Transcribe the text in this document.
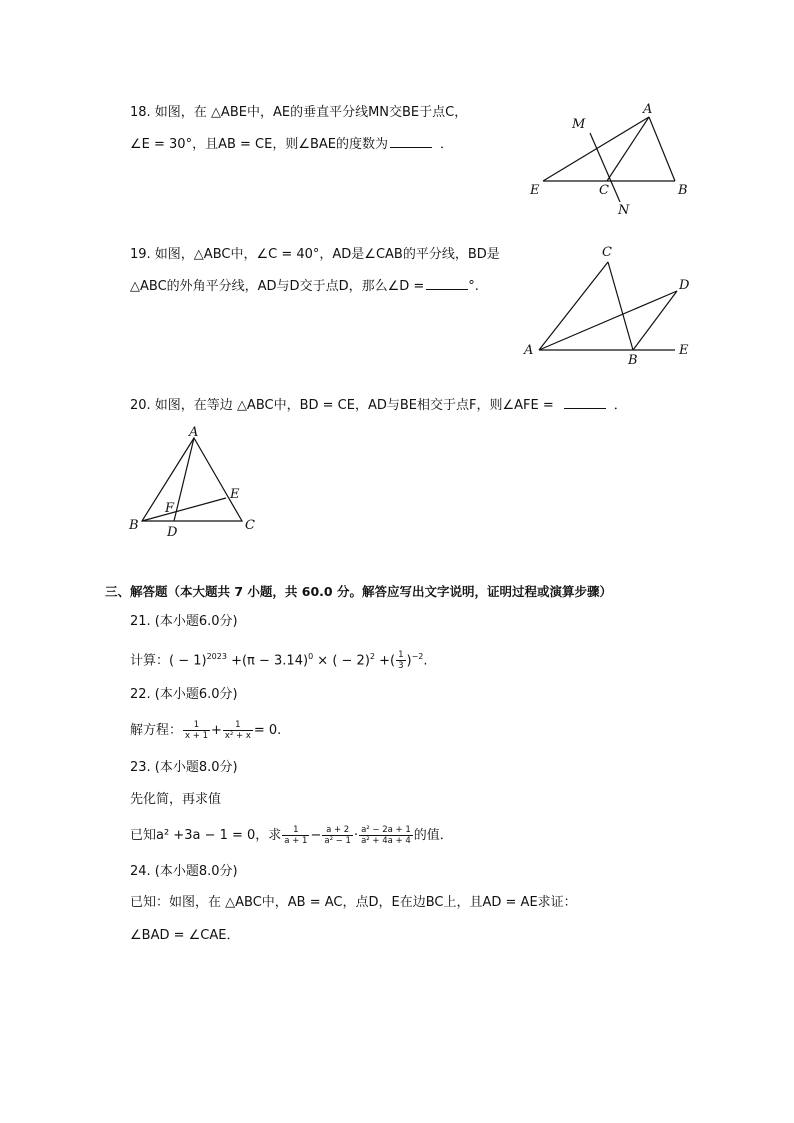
18. 如图，在 △ABE中，AE的垂直平分线MN交BE于点C，
∠E = 30°，且AB = CE，则∠BAE的度数为	．
A
M
E	C	B
N
19. 如图，△ABC中，∠C = 40°，AD是∠CAB的平分线，BD是
△ABC的外角平分线，AD与D交于点D，那么∠D =	°.
C
D
A
B
E
20. 如图，在等边 △ABC中，BD = CE，AD与BE相交于点F，则∠AFE =	．
A
E
F
B D	C
三、解答题（本大题共 7 小题，共 60.0 分。解答应写出文字说明，证明过程或演算步骤）
21. (本小题6.0分)
计算：( − $1)^{2023} +(\pi - 3.14)^0$ × ( − 2)$^2$ +( $\frac{1}{3} )^{-2}$.
22. (本小题6.0分)
解方程： $\frac{1}{x + 1} + \frac{1}{\text{x² + x}} = 0$.
23. (本小题8.0分)
先化简，再求值
已知a² +3a − 1 = 0，求 $\frac{1}{a + 1} - \frac{a + 2}{\text{a² − 1}} \cdot \frac{\text{a² − 2a + 1}}{\text{a² + 4a + 4}}$ 的值．
24. (本小题8.0分)
已知：如图，在 △ABC中，AB = AC，点D，E在边BC上，且AD = AE求证：
∠BAD = ∠CAE．
